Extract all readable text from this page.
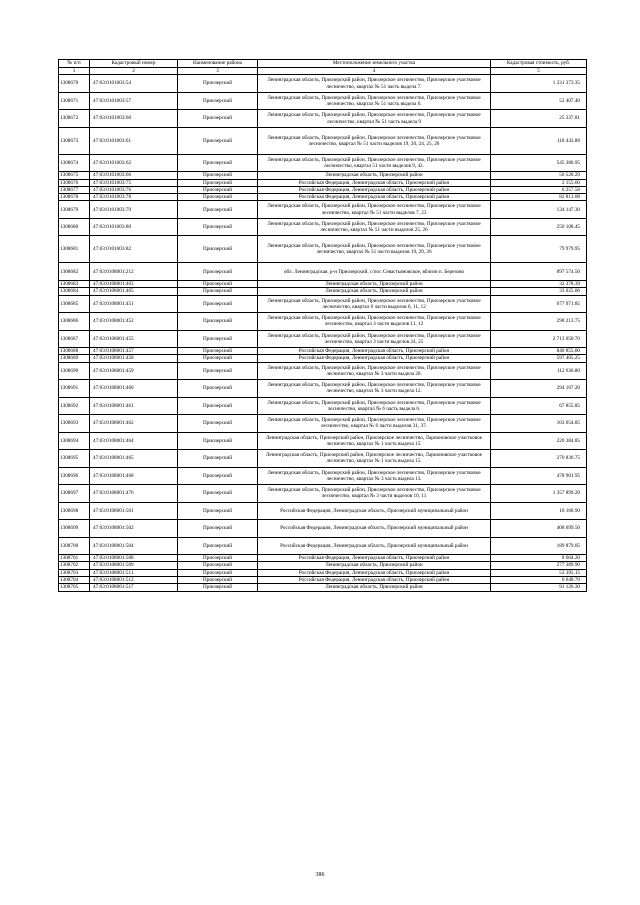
№ п/п	Кадастровый номер	Наименование района	Местоположение земельного участка	Кадастровая стоимость, руб.
1	2	3	4	5
1308670	47:03:0101003:54	Приозерский	Ленинградская область, Приозерский район, Приозерское лесничество, Приозерское участковое лесничество, квартал № 51 часть выдела 7.	1 231 373.35
1308671	47:03:0101003:57	Приозерский	Ленинградская область, Приозерский район, Приозерское лесничество, Приозерское участковое лесничество, квартал № 51 часть выдела 6.	52 407.40
1308672	47:03:0101003:60	Приозерский	Ленинградская область, Приозерский район, Приозерское лесничество, Приозерское участковое лесничество, квартал № 51 часть выдела 9	25 337.81
1308673	47:03:0101003:61	Приозерский	Ленинградская область, Приозерский район, Приозерское лесничество, Приозерское участковое лесничество, квартал № 51 части выделов 19, 20, 24, 25, 26	118 443.88
1308674	47:03:0101003:62	Приозерский	Ленинградская область, Приозерский район, Приозерское лесничество, Приозерское участковое лесничество, квартал 51 части выделов 9, 42.	545 386.95
1308675	47:03:0101003:66	Приозерский	Ленинградская область, Приозерский район	50 520.29
1308676	47:03:0101003:75	Приозерский	Российская Федерация, Ленинградская область, Приозерский район	2 155.60
1308677	47:03:0101003:76	Приозерский	Российская Федерация, Ленинградская область, Приозерский район	6 257.58
1308678	47:03:0101003:78	Приозерский	Российская Федерация, Ленинградская область, Приозерский район	82 813.08
1308679	47:03:0101003:79	Приозерский	Ленинградская область, Приозерский район, Приозерское лесничество, Приозерское участковое лесничество, квартал № 51 части выделов 7, 23	134 147.30
1308680	47:03:0101003:80	Приозерский	Ленинградская область, Приозерский район, Приозерское лесничество, Приозерское участковое лесничество, квартал № 51 части выделов 25, 26	250 108.45
1308681	47:03:0101003:82	Приозерский	Ленинградская область, Приозерский район, Приозерское лесничество, Приозерское участковое лесничество, квартал № 51 части выделов 19, 20, 26	79 979.95
1308682	47:03:0108001:212	Приозерский	обл. Ленинградская, р-н Приозерский, с/пос Севастьяновское, вблизи п. Березово	897 574.50
1308683	47:03:0108001:403	Приозерский	Ленинградская область, Приозерский район	32 378.39
1308684	47:03:0108001:405	Приозерский	Ленинградская область, Приозерский район	33 025.06
1308685	47:03:0108001:451	Приозерский	Ленинградская область, Приозерский район, Приозерское лесничество, Приозерское участковое лесничество, квартал 6 части выделов 6, 11, 12	677 971.85
1308686	47:03:0108001:452	Приозерский	Ленинградская область, Приозерский район, Приозерское лесничество, Приозерское участковое лесничество, квартал 3 части выделов 11, 12	298 213.75
1308687	47:03:0108001:455	Приозерский	Ленинградская область, Приозерский район, Приозерское лесничество, Приозерское участковое лесничество, квартал 3 части выделов 24, 25	2 713 050.70
1308688	47:03:0108001:457	Приозерский	Российская Федерация, Ленинградская область, Приозерский район	840 855.00
1308689	47:03:0108001:458	Приозерский	Российская Федерация, Ленинградская область, Приозерский район	597 405.25
1308690	47:03:0108001:459	Приозерский	Ленинградская область, Приозерский район, Приозерское лесничество, Приозерское участковое лесничество, квартал № 3 части выдела 26.	112 636.80
1308691	47:03:0108001:460	Приозерский	Ленинградская область, Приозерский район, Приозерское лесничество, Приозерское участковое лесничество, квартал № 3 части выдела 12.	294 107.20
1308692	47:03:0108001:461	Приозерский	Ленинградская область, Приозерский район, Приозерское лесничество, Приозерское участковое лесничество, квартал № 6 часть выдела 6.	67 855.85
1308693	47:03:0108001:462	Приозерский	Ленинградская область, Приозерский район, Приозерское лесничество, Приозерское участковое лесничество, квартал № 6 части выделов 31, 37.	103 054.85
1308694	47:03:0108001:464	Приозерский	Ленинградская область, Приозерский район, Приозерское лесничество, Ларионовское участковое лесничество, квартал № 1 часть выдела 15.	220 384.85
1308695	47:03:0108001:465	Приозерский	Ленинградская область, Приозерский район, Приозерское лесничество, Ларионовское участковое лесничество, квартал № 1 часть выдела 15.	270 836.75
1308696	47:03:0108001:468	Приозерский	Ленинградская область, Приозерский район, Приозерское лесничество, Приозерское участковое лесничество, квартал № 3 часть выдела 13.	478 901.95
1308697	47:03:0108001:476	Приозерский	Ленинградская область, Приозерский район, Приозерское лесничество, Приозерское участковое лесничество, квартал № 3 части выделов 10, 11	1 357 899.20
1308698	47:03:0108001:501	Приозерский	Российская Федерация, Ленинградская область, Приозерский муниципальный район	10 168.90
1308699	47:03:0108001:502	Приозерский	Российская Федерация, Ленинградская область, Приозерский муниципальный район	408 699.50
1308700	47:03:0108001:504	Приозерский	Российская Федерация, Ленинградская область, Приозерский муниципальный район	189 879.05
1308701	47:03:0108001:508	Приозерский	Российская Федерация, Ленинградская область, Приозерский район	8 604.20
1308702	47:03:0108001:509	Приозерский	Ленинградская область, Приозерский район	277 389.90
1308703	47:03:0108001:511	Приозерский	Российская Федерация, Ленинградская область, Приозерский район	53 395.15
1308704	47:03:0108001:512	Приозерский	Российская Федерация, Ленинградская область, Приозерский район	6 648.70
1308705	47:03:0108001:517	Приозерский	Ленинградская область, Приозерский район	91 126.30
386
